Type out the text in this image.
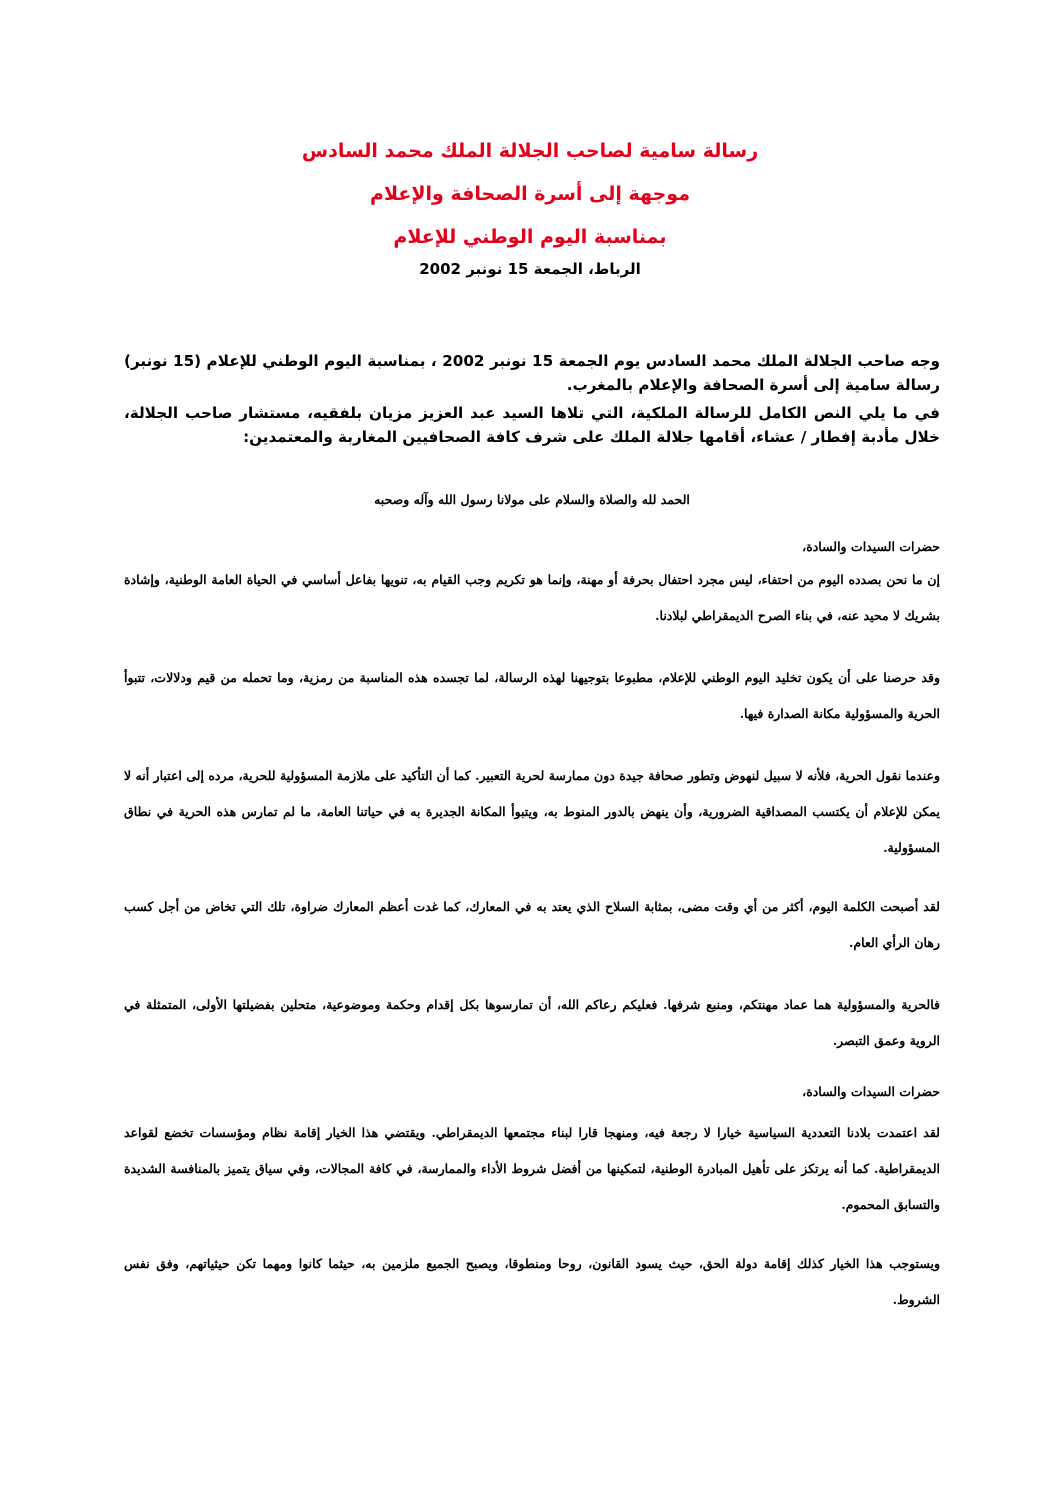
رسالة سامية لصاحب الجلالة الملك محمد السادس
موجهة إلى أسرة الصحافة والإعلام
بمناسبة اليوم الوطني للإعلام

الرباط، الجمعة 15 نونبر 2002

وجه صاحب الجلالة الملك محمد السادس يوم الجمعة 15 نونبر 2002 ، بمناسبة اليوم الوطني للإعلام (15 نونبر) رسالة سامية إلى أسرة الصحافة والإعلام بالمغرب.

في ما يلي النص الكامل للرسالة الملكية، التي تلاها السيد عبد العزيز مزيان بلفقيه، مستشار صاحب الجلالة، خلال مأدبة إفطار / عشاء، أقامها جلالة الملك على شرف كافة الصحافيين المغاربة والمعتمدين:

الحمد لله والصلاة والسلام على مولانا رسول الله وآله وصحبه

حضرات السيدات والسادة،

إن ما نحن بصدده اليوم من احتفاء، ليس مجرد احتفال بحرفة أو مهنة، وإنما هو تكريم وجب القيام به، تنويها بفاعل أساسي في الحياة العامة الوطنية، وإشادة بشريك لا محيد عنه، في بناء الصرح الديمقراطي لبلادنا.

وقد حرصنا على أن يكون تخليد اليوم الوطني للإعلام، مطبوعا بتوجيهنا لهذه الرسالة، لما تجسده هذه المناسبة من رمزية، وما تحمله من قيم ودلالات، تتبوأ الحرية والمسؤولية مكانة الصدارة فيها.

وعندما نقول الحرية، فلأنه لا سبيل لنهوض وتطور صحافة جيدة دون ممارسة لحرية التعبير. كما أن التأكيد على ملازمة المسؤولية للحرية، مرده إلى اعتبار أنه لا يمكن للإعلام أن يكتسب المصداقية الضرورية، وأن ينهض بالدور المنوط به، ويتبوأ المكانة الجديرة به في حياتنا العامة، ما لم تمارس هذه الحرية في نطاق المسؤولية.

لقد أصبحت الكلمة اليوم، أكثر من أي وقت مضى، بمثابة السلاح الذي يعتد به في المعارك، كما غدت أعظم المعارك ضراوة، تلك التي تخاض من أجل كسب رهان الرأي العام.

فالحرية والمسؤولية هما عماد مهنتكم، ومنبع شرفها. فعليكم رعاكم الله، أن تمارسوها بكل إقدام وحكمة وموضوعية، متحلين بفضيلتها الأولى، المتمثلة في الروية وعمق التبصر.

حضرات السيدات والسادة،

لقد اعتمدت بلادنا التعددية السياسية خيارا لا رجعة فيه، ومنهجا قارا لبناء مجتمعها الديمقراطي. ويقتضي هذا الخيار إقامة نظام ومؤسسات تخضع لقواعد الديمقراطية. كما أنه يرتكز على تأهيل المبادرة الوطنية، لتمكينها من أفضل شروط الأداء والممارسة، في كافة المجالات، وفي سياق يتميز بالمنافسة الشديدة والتسابق المحموم.

ويستوجب هذا الخيار كذلك إقامة دولة الحق، حيث يسود القانون، روحا ومنطوقا، ويصبح الجميع ملزمين به، حيثما كانوا ومهما تكن حيثياتهم، وفق نفس الشروط.
